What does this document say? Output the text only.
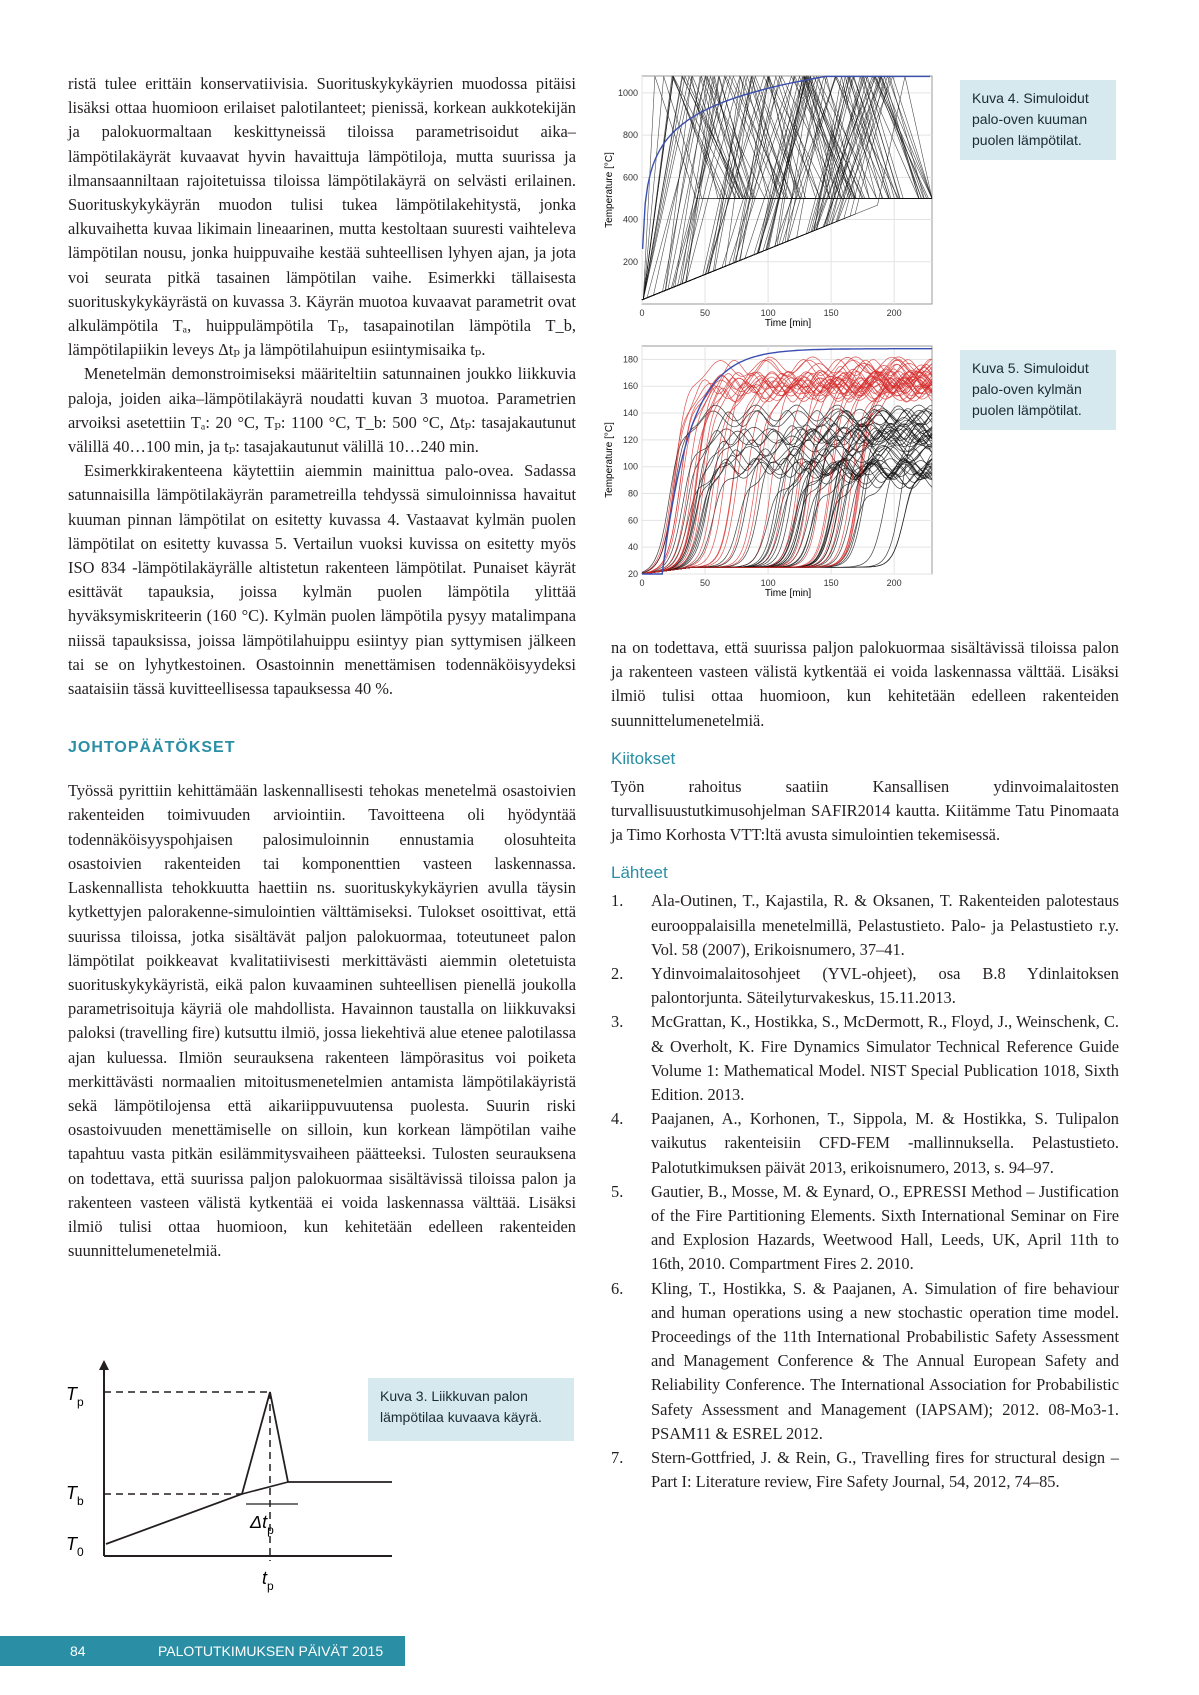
ristä tulee erittäin konservatiivisia. Suorituskykykäyrien muodossa pitäisi lisäksi ottaa huomioon erilaiset palotilanteet; pienissä, korkean aukkotekijän ja palokuormaltaan keskittyneissä tiloissa parametrisoidut aika–lämpötilakäyrät kuvaavat hyvin havaittuja lämpötiloja, mutta suurissa ja ilmansaanniltaan rajoitetuissa tiloissa lämpötilakäyrä on selvästi erilainen. Suorituskykykäyrän muodon tulisi tukea lämpötilakehitystä, jonka alkuvaihetta kuvaa likimain lineaarinen, mutta kestoltaan suuresti vaihteleva lämpötilan nousu, jonka huippuvaihe kestää suhteellisen lyhyen ajan, ja jota voi seurata pitkä tasainen lämpötilan vaihe. Esimerkki tällaisesta suorituskykykäyrästä on kuvassa 3. Käyrän muotoa kuvaavat parametrit ovat alkulämpötila Tₐ, huippulämpötila Tₚ, tasapainotilan lämpötila T_b, lämpötilapiikin leveys Δtₚ ja lämpötilahuipun esiintymisaika tₚ.

Menetelmän demonstroimiseksi määriteltiin satunnainen joukko liikkuvia paloja, joiden aika–lämpötilakäyrä noudatti kuvan 3 muotoa. Parametrien arvoiksi asetettiin Tₐ: 20 °C, Tₚ: 1100 °C, T_b: 500 °C, Δtₚ: tasajakautunut välillä 40…100 min, ja tₚ: tasajakautunut välillä 10…240 min.

Esimerkkirakenteena käytettiin aiemmin mainittua palo-ovea. Sadassa satunnaisilla lämpötilakäyrän parametreilla tehdyssä simuloinnissa havaitut kuuman pinnan lämpötilat on esitetty kuvassa 4. Vastaavat kylmän puolen lämpötilat on esitetty kuvassa 5. Vertailun vuoksi kuvissa on esitetty myös ISO 834 -lämpötilakäyrälle altistetun rakenteen lämpötilat. Punaiset käyrät esittävät tapauksia, joissa kylmän puolen lämpötila ylittää hyväksymiskriteerin (160 °C). Kylmän puolen lämpötila pysyy matalimpana niissä tapauksissa, joissa lämpötilahuippu esiintyy pian syttymisen jälkeen tai se on lyhytkestoinen. Osastoinnin menettämisen todennäköisyydeksi saataisiin tässä kuvitteellisessa tapauksessa 40 %.

JOHTOPÄÄTÖKSET

Työssä pyrittiin kehittämään laskennallisesti tehokas menetelmä osastoivien rakenteiden toimivuuden arviointiin. Tavoitteena oli hyödyntää todennäköisyyspohjaisen palosimuloinnin ennustamia olosuhteita osastoivien rakenteiden tai komponenttien vasteen laskennassa. Laskennallista tehokkuutta haettiin ns. suorituskykykäyrien avulla täysin kytkettyjen palorakenne-simulointien välttämiseksi. Tulokset osoittivat, että suurissa tiloissa, jotka sisältävät paljon palokuormaa, toteutuneet palon lämpötilat poikkeavat kvalitatiivisesti merkittävästi aiemmin oletetuista suorituskykykäyristä, eikä palon kuvaaminen suhteellisen pienellä joukolla parametrisoituja käyriä ole mahdollista. Havainnon taustalla on liikkuvaksi paloksi (travelling fire) kutsuttu ilmiö, jossa liekehtivä alue etenee palotilassa ajan kuluessa. Ilmiön seurauksena rakenteen lämpörasitus voi poiketa merkittävästi normaalien mitoitusmenetelmien antamista lämpötilakäyristä sekä lämpötilojensa että aikariippuvuutensa puolesta. Suurin riski osastoivuuden menettämiselle on silloin, kun korkean lämpötilan vaihe tapahtuu vasta pitkän esilämmitysvaiheen päätteeksi. Tulosten seurauksena on todettava, että suurissa paljon palokuormaa sisältävissä tiloissa palon ja rakenteen vasteen välistä kytkentää ei voida laskennassa välttää. Lisäksi ilmiö tulisi ottaa huomioon, kun kehitetään edelleen rakenteiden suunnittelumenetelmiä.

$T_p$
$T_b$
$T_0$
$\Delta t_p$
$t_p$
Kuva 3. Liikkuvan palon lämpötilaa kuvaava käyrä.
200
400
600
800
1000
0	50	100	150	200
Temperature [°C]
Time [min]
Kuva 4. Simuloidut palo-oven kuuman puolen lämpötilat.
20
40
60
80
100
120
140
160
180
0	50	100	150	200
Temperature [°C]
Time [min]
Kuva 5. Simuloidut palo-oven kylmän puolen lämpötilat.

na on todettava, että suurissa paljon palokuormaa sisältävissä tiloissa palon ja rakenteen vasteen välistä kytkentää ei voida laskennassa välttää. Lisäksi ilmiö tulisi ottaa huomioon, kun kehitetään edelleen rakenteiden suunnittelumenetelmiä.

Kiitokset

Työn rahoitus saatiin Kansallisen ydinvoimalaitosten turvallisuustutkimusohjelman SAFIR2014 kautta. Kiitämme Tatu Pinomaata ja Timo Korhosta VTT:ltä avusta simulointien tekemisessä.

Lähteet
1. Ala-Outinen, T., Kajastila, R. & Oksanen, T. Rakenteiden palotestaus eurooppalaisilla menetelmillä, Pelastustieto. Palo- ja Pelastustieto r.y. Vol. 58 (2007), Erikoisnumero, 37–41.
2. Ydinvoimalaitosohjeet (YVL-ohjeet), osa B.8 Ydinlaitoksen palontorjunta. Säteilyturvakeskus, 15.11.2013.
3. McGrattan, K., Hostikka, S., McDermott, R., Floyd, J., Weinschenk, C. & Overholt, K. Fire Dynamics Simulator Technical Reference Guide Volume 1: Mathematical Model. NIST Special Publication 1018, Sixth Edition. 2013.
4. Paajanen, A., Korhonen, T., Sippola, M. & Hostikka, S. Tulipalon vaikutus rakenteisiin CFD-FEM -mallinnuksella. Pelastustieto. Palotutkimuksen päivät 2013, erikoisnumero, 2013, s. 94–97.
5. Gautier, B., Mosse, M. & Eynard, O., EPRESSI Method – Justification of the Fire Partitioning Elements. Sixth International Seminar on Fire and Explosion Hazards, Weetwood Hall, Leeds, UK, April 11th to 16th, 2010. Compartment Fires 2. 2010.
6. Kling, T., Hostikka, S. & Paajanen, A. Simulation of fire behaviour and human operations using a new stochastic operation time model. Proceedings of the 11th International Probabilistic Safety Assessment and Management Conference & The Annual European Safety and Reliability Conference. The International Association for Probabilistic Safety Assessment and Management (IAPSAM); 2012. 08-Mo3-1. PSAM11 & ESREL 2012.
7. Stern-Gottfried, J. & Rein, G., Travelling fires for structural design – Part I: Literature review, Fire Safety Journal, 54, 2012, 74–85.
84	PALOTUTKIMUKSEN PÄIVÄT 2015
